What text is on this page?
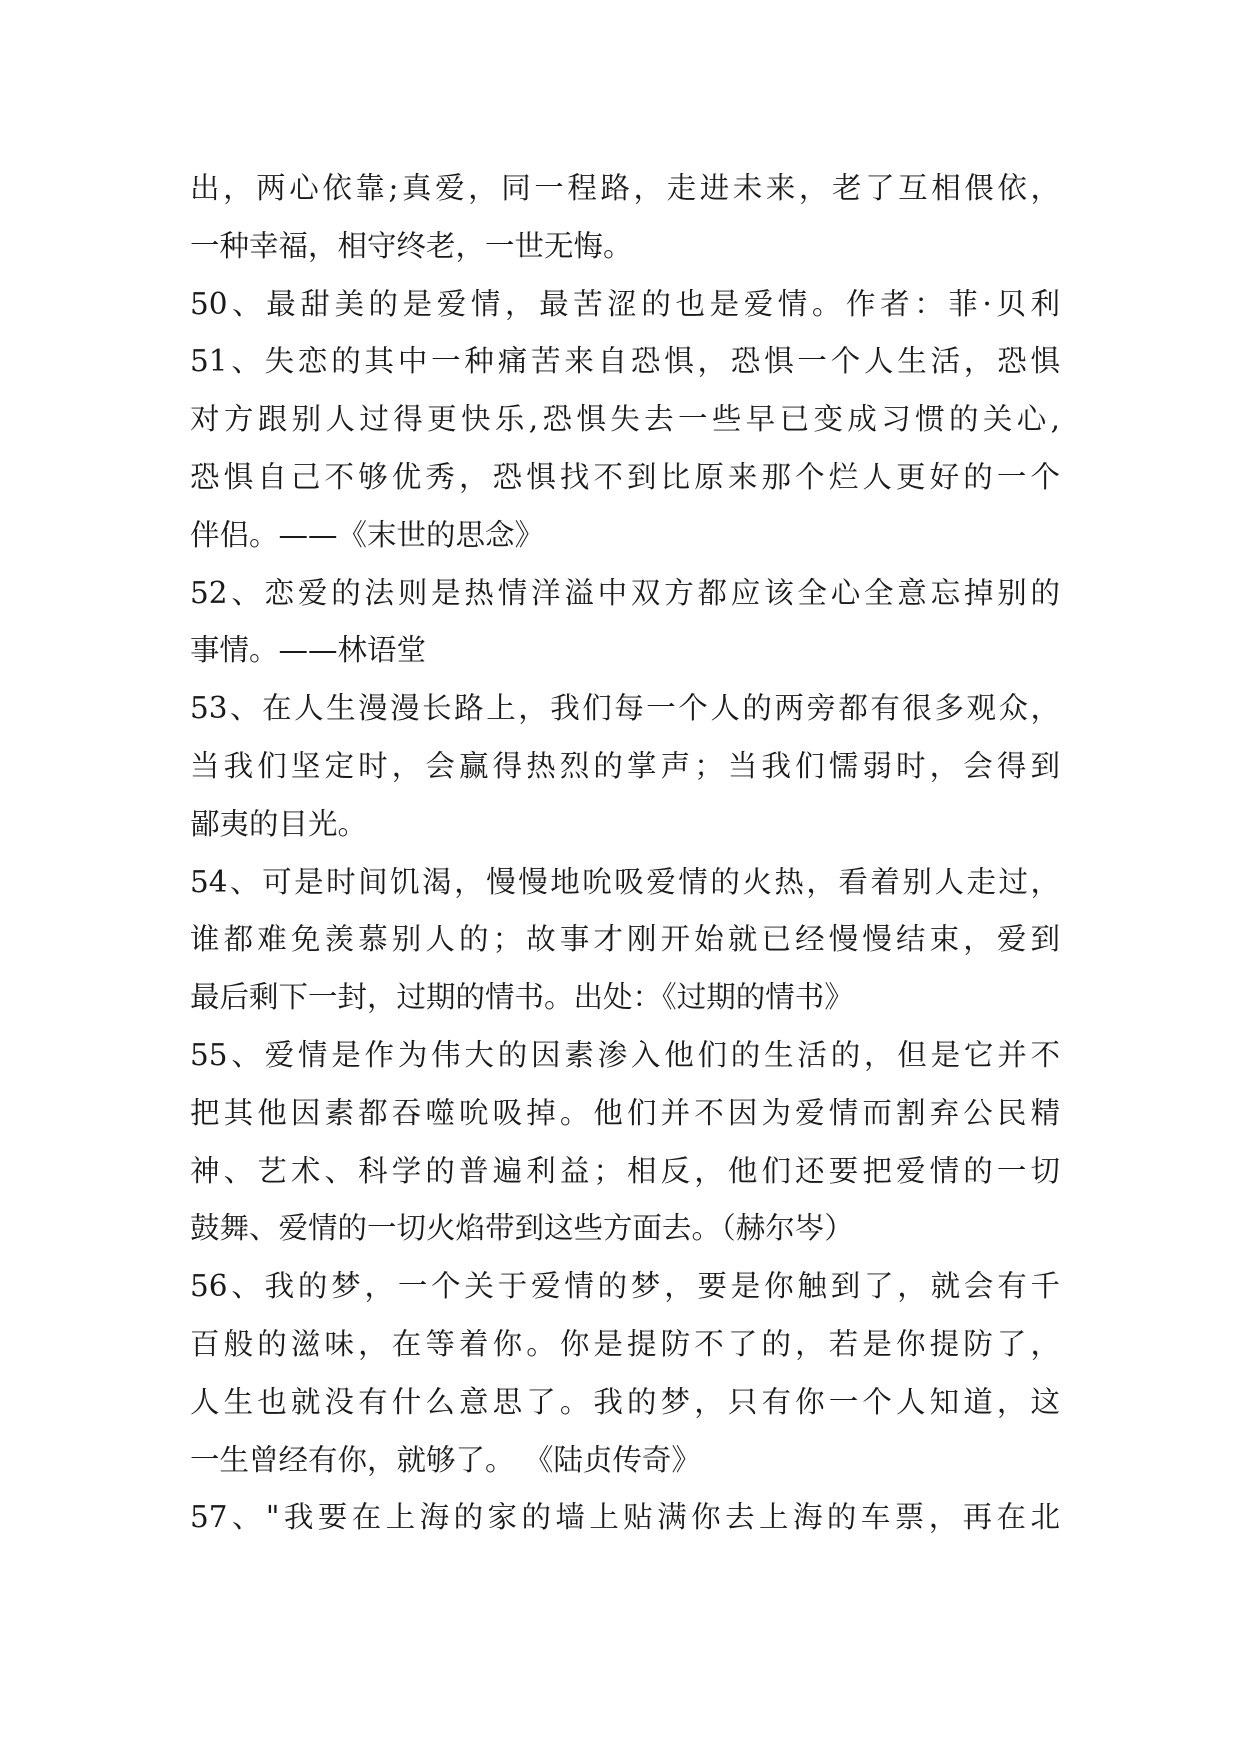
出，两心依靠;真爱，同一程路，走进未来，老了互相偎依，
一种幸福，相守终老，一世无悔。
50、最甜美的是爱情，最苦涩的也是爱情。作者：菲·贝利
51、失恋的其中一种痛苦来自恐惧，恐惧一个人生活，恐惧
对方跟别人过得更快乐,恐惧失去一些早已变成习惯的关心,
恐惧自己不够优秀，恐惧找不到比原来那个烂人更好的一个
伴侣。——《末世的思念》
52、恋爱的法则是热情洋溢中双方都应该全心全意忘掉别的
事情。——林语堂
53、在人生漫漫长路上，我们每一个人的两旁都有很多观众，
当我们坚定时，会赢得热烈的掌声；当我们懦弱时，会得到
鄙夷的目光。
54、可是时间饥渴，慢慢地吮吸爱情的火热，看着别人走过，
谁都难免羡慕别人的；故事才刚开始就已经慢慢结束，爱到
最后剩下一封，过期的情书。出处：《过期的情书》
55、爱情是作为伟大的因素渗入他们的生活的，但是它并不
把其他因素都吞噬吮吸掉。他们并不因为爱情而割弃公民精
神、艺术、科学的普遍利益；相反，他们还要把爱情的一切
鼓舞、爱情的一切火焰带到这些方面去。（赫尔岑）
56、我的梦，一个关于爱情的梦，要是你触到了，就会有千
百般的滋味，在等着你。你是提防不了的，若是你提防了，
人生也就没有什么意思了。我的梦，只有你一个人知道，这
一生曾经有你，就够了。 《陆贞传奇》
57、"我要在上海的家的墙上贴满你去上海的车票，再在北
